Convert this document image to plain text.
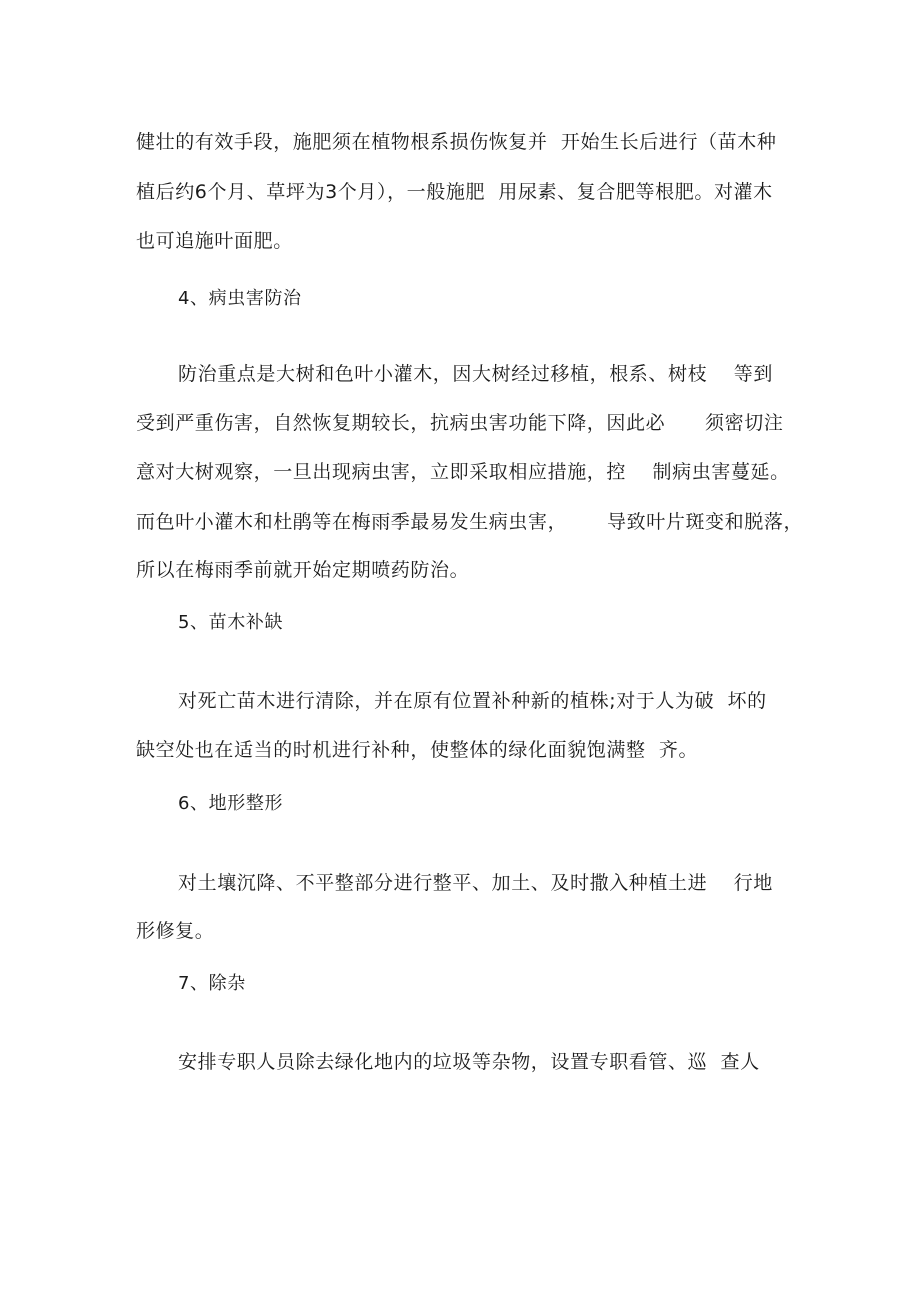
健壮的有效手段，施肥须在植物根系损伤恢复并  开始生长后进行（苗木种
植后约6个月、草坪为3个月），一般施肥  用尿素、复合肥等根肥。对灌木
也可追施叶面肥。
4、病虫害防治
防治重点是大树和色叶小灌木，因大树经过移植，根系、树枝    等到
受到严重伤害，自然恢复期较长，抗病虫害功能下降，因此必      须密切注
意对大树观察，一旦出现病虫害，立即采取相应措施，控    制病虫害蔓延。
而色叶小灌木和杜鹃等在梅雨季最易发生病虫害，      导致叶片斑变和脱落，
所以在梅雨季前就开始定期喷药防治。
5、苗木补缺
对死亡苗木进行清除，并在原有位置补种新的植株;对于人为破  坏的
缺空处也在适当的时机进行补种，使整体的绿化面貌饱满整  齐。
6、地形整形
对土壤沉降、不平整部分进行整平、加土、及时撒入种植土进    行地
形修复。
7、除杂
安排专职人员除去绿化地内的垃圾等杂物，设置专职看管、巡  查人
